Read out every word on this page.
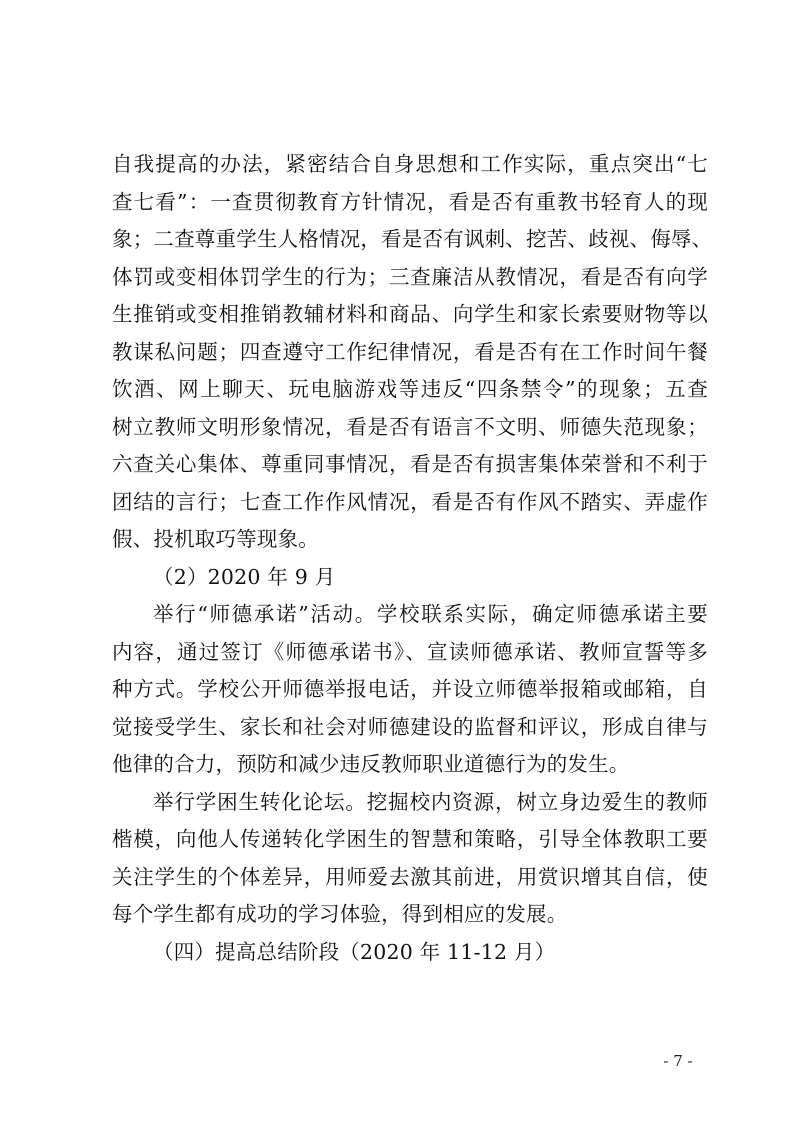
自我提高的办法，紧密结合自身思想和工作实际，重点突出“七
查七看”：一查贯彻教育方针情况，看是否有重教书轻育人的现
象；二查尊重学生人格情况，看是否有讽刺、挖苦、歧视、侮辱、
体罚或变相体罚学生的行为；三查廉洁从教情况，看是否有向学
生推销或变相推销教辅材料和商品、向学生和家长索要财物等以
教谋私问题；四查遵守工作纪律情况，看是否有在工作时间午餐
饮酒、网上聊天、玩电脑游戏等违反“四条禁令”的现象；五查
树立教师文明形象情况，看是否有语言不文明、师德失范现象；
六查关心集体、尊重同事情况，看是否有损害集体荣誉和不利于
团结的言行；七查工作作风情况，看是否有作风不踏实、弄虚作
假、投机取巧等现象。
（2）2020 年 9 月
举行“师德承诺”活动。学校联系实际，确定师德承诺主要
内容，通过签订《师德承诺书》、宣读师德承诺、教师宣誓等多
种方式。学校公开师德举报电话，并设立师德举报箱或邮箱，自
觉接受学生、家长和社会对师德建设的监督和评议，形成自律与
他律的合力，预防和减少违反教师职业道德行为的发生。
举行学困生转化论坛。挖掘校内资源，树立身边爱生的教师
楷模，向他人传递转化学困生的智慧和策略，引导全体教职工要
关注学生的个体差异，用师爱去激其前进，用赏识增其自信，使
每个学生都有成功的学习体验，得到相应的发展。
（四）提高总结阶段（2020 年 11-12 月）
- 7 -
